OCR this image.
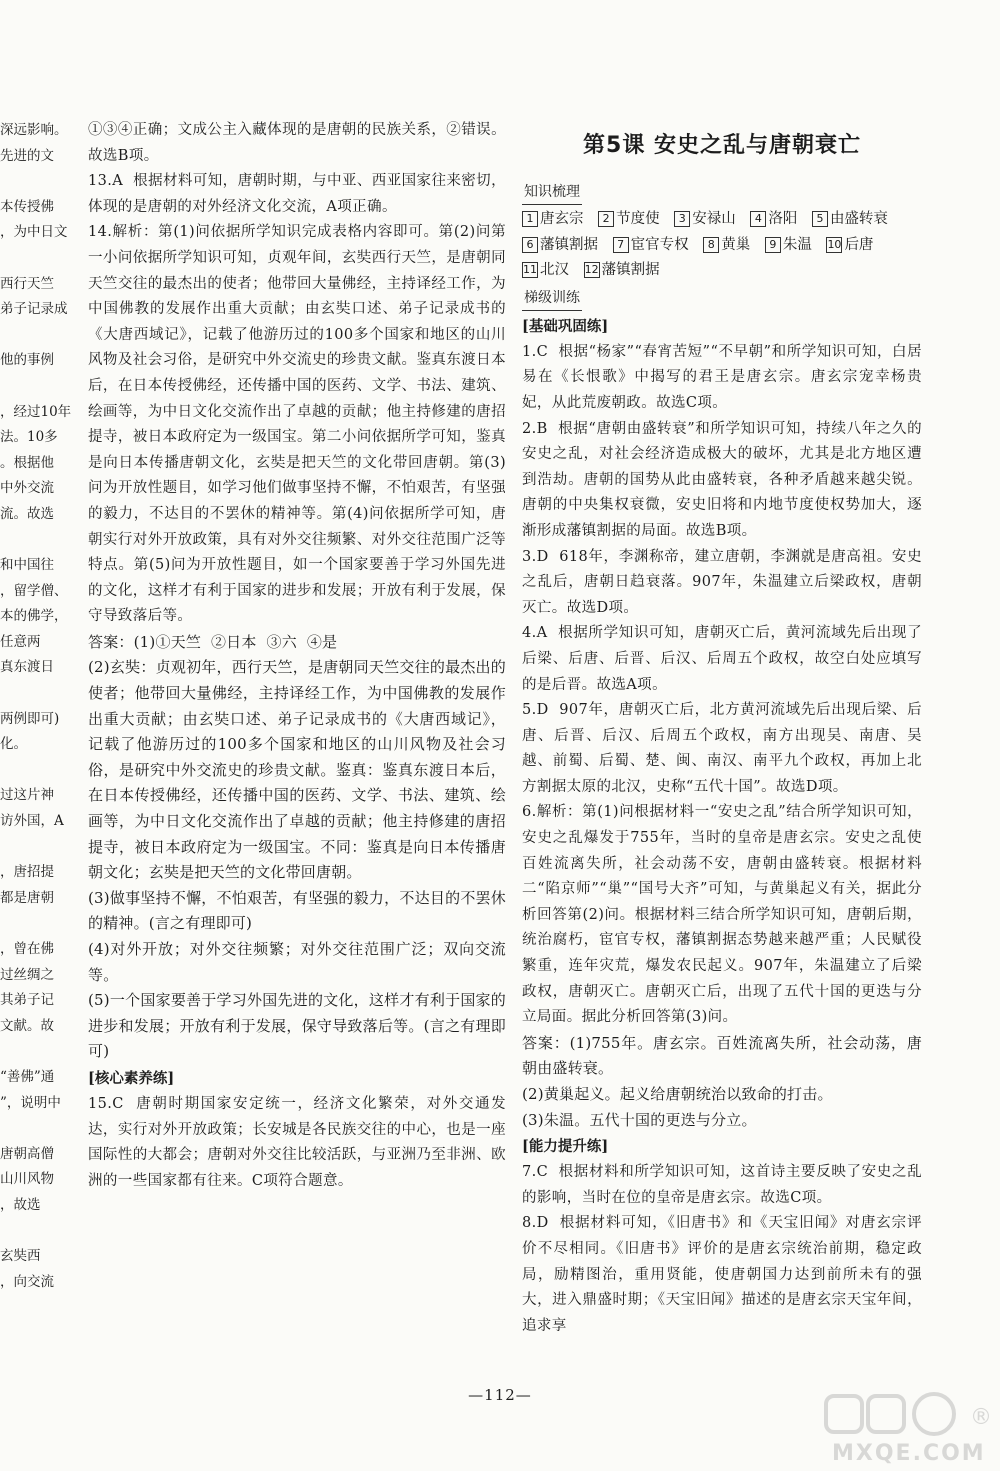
深远影响。
先进的文

本传授佛
，为中日文

西行天竺
弟子记录成

他的事例

，经过10年
法。10多
。根据他
中外交流
流。故选

和中国往
，留学僧、
本的佛学，
任意两
真东渡日

两例即可)
化。

过这片神
访外国，A

，唐招提
都是唐朝

，曾在佛
过丝绸之
其弟子记
文献。故

“善佛”通
”，说明中

唐朝高僧
山川风物
，故选

玄奘西
，向交流

①③④正确；文成公主入藏体现的是唐朝的民族关系，②错误。故选B项。

13.A  根据材料可知，唐朝时期，与中亚、西亚国家往来密切，体现的是唐朝的对外经济文化交流，A项正确。

14.解析：第(1)问依据所学知识完成表格内容即可。第(2)问第一小问依据所学知识可知，贞观年间，玄奘西行天竺，是唐朝同天竺交往的最杰出的使者；他带回大量佛经，主持译经工作，为中国佛教的发展作出重大贡献；由玄奘口述、弟子记录成书的《大唐西域记》，记载了他游历过的100多个国家和地区的山川风物及社会习俗，是研究中外交流史的珍贵文献。鉴真东渡日本后，在日本传授佛经，还传播中国的医药、文学、书法、建筑、绘画等，为中日文化交流作出了卓越的贡献；他主持修建的唐招提寺，被日本政府定为一级国宝。第二小问依据所学可知，鉴真是向日本传播唐朝文化，玄奘是把天竺的文化带回唐朝。第(3)问为开放性题目，如学习他们做事坚持不懈，不怕艰苦，有坚强的毅力，不达目的不罢休的精神等。第(4)问依据所学可知，唐朝实行对外开放政策，具有对外交往频繁、对外交往范围广泛等特点。第(5)问为开放性题目，如一个国家要善于学习外国先进的文化，这样才有利于国家的进步和发展；开放有利于发展，保守导致落后等。

答案：(1)①天竺  ②日本  ③六  ④是

(2)玄奘：贞观初年，西行天竺，是唐朝同天竺交往的最杰出的使者；他带回大量佛经，主持译经工作，为中国佛教的发展作出重大贡献；由玄奘口述、弟子记录成书的《大唐西域记》，记载了他游历过的100多个国家和地区的山川风物及社会习俗，是研究中外交流史的珍贵文献。鉴真：鉴真东渡日本后，在日本传授佛经，还传播中国的医药、文学、书法、建筑、绘画等，为中日文化交流作出了卓越的贡献；他主持修建的唐招提寺，被日本政府定为一级国宝。不同：鉴真是向日本传播唐朝文化；玄奘是把天竺的文化带回唐朝。

(3)做事坚持不懈，不怕艰苦，有坚强的毅力，不达目的不罢休的精神。(言之有理即可)

(4)对外开放；对外交往频繁；对外交往范围广泛；双向交流等。

(5)一个国家要善于学习外国先进的文化，这样才有利于国家的进步和发展；开放有利于发展，保守导致落后等。(言之有理即可)

[核心素养练]

15.C  唐朝时期国家安定统一，经济文化繁荣，对外交通发达，实行对外开放政策；长安城是各民族交往的中心，也是一座国际性的大都会；唐朝对外交往比较活跃，与亚洲乃至非洲、欧洲的一些国家都有往来。C项符合题意。

第5课 安史之乱与唐朝衰亡
知识梳理
1 唐玄宗 2 节度使 3 安禄山 4 洛阳 5 由盛转衰 6 藩镇割据 7 宦官专权 8 黄巢 9 朱温 10 后唐 11 北汉 12 藩镇割据
梯级训练
[基础巩固练]

1.C  根据“杨家”“春宵苦短”“不早朝”和所学知识可知，白居易在《长恨歌》中揭写的君王是唐玄宗。唐玄宗宠幸杨贵妃，从此荒废朝政。故选C项。

2.B  根据“唐朝由盛转衰”和所学知识可知，持续八年之久的安史之乱，对社会经济造成极大的破坏，尤其是北方地区遭到浩劫。唐朝的国势从此由盛转衰，各种矛盾越来越尖锐。唐朝的中央集权衰微，安史旧将和内地节度使权势加大，逐渐形成藩镇割据的局面。故选B项。

3.D  618年，李渊称帝，建立唐朝，李渊就是唐高祖。安史之乱后，唐朝日趋衰落。907年，朱温建立后梁政权，唐朝灭亡。故选D项。

4.A  根据所学知识可知，唐朝灭亡后，黄河流域先后出现了后梁、后唐、后晋、后汉、后周五个政权，故空白处应填写的是后晋。故选A项。

5.D  907年，唐朝灭亡后，北方黄河流域先后出现后梁、后唐、后晋、后汉、后周五个政权，南方出现吴、南唐、吴越、前蜀、后蜀、楚、闽、南汉、南平九个政权，再加上北方割据太原的北汉，史称“五代十国”。故选D项。

6.解析：第(1)问根据材料一“安史之乱”结合所学知识可知，安史之乱爆发于755年，当时的皇帝是唐玄宗。安史之乱使百姓流离失所，社会动荡不安，唐朝由盛转衰。根据材料二“陷京师”“巢”“国号大齐”可知，与黄巢起义有关，据此分析回答第(2)问。根据材料三结合所学知识可知，唐朝后期，统治腐朽，宦官专权，藩镇割据态势越来越严重；人民赋役繁重，连年灾荒，爆发农民起义。907年，朱温建立了后梁政权，唐朝灭亡。唐朝灭亡后，出现了五代十国的更迭与分立局面。据此分析回答第(3)问。

答案：(1)755年。唐玄宗。百姓流离失所，社会动荡，唐朝由盛转衰。

(2)黄巢起义。起义给唐朝统治以致命的打击。

(3)朱温。五代十国的更迭与分立。

[能力提升练]

7.C  根据材料和所学知识可知，这首诗主要反映了安史之乱的影响，当时在位的皇帝是唐玄宗。故选C项。

8.D  根据材料可知，《旧唐书》和《天宝旧闻》对唐玄宗评价不尽相同。《旧唐书》评价的是唐玄宗统治前期，稳定政局，励精图治，重用贤能，使唐朝国力达到前所未有的强大，进入鼎盛时期；《天宝旧闻》描述的是唐玄宗天宝年间，追求享

—112—
®
MXQE.COM
